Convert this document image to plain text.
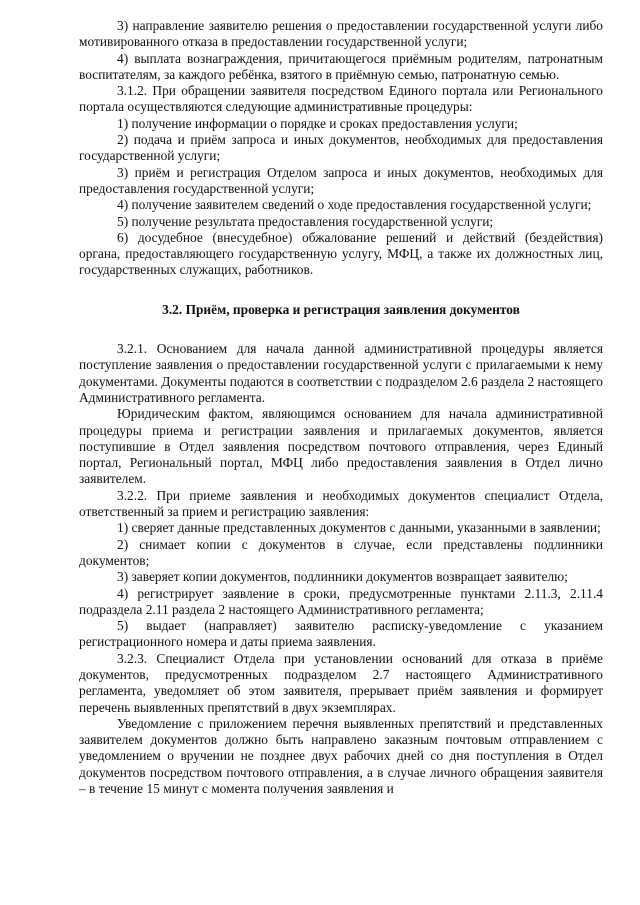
3) направление заявителю решения о предоставлении государственной услуги либо мотивированного отказа в предоставлении государственной услуги;

4) выплата вознаграждения, причитающегося приёмным родителям, патронатным воспитателям, за каждого ребёнка, взятого в приёмную семью, патронатную семью.

3.1.2. При обращении заявителя посредством Единого портала или Регионального портала осуществляются следующие административные процедуры:

1) получение информации о порядке и сроках предоставления услуги;

2) подача и приём запроса и иных документов, необходимых для предоставления государственной услуги;

3) приём и регистрация Отделом запроса и иных документов, необходимых для предоставления государственной услуги;

4) получение заявителем сведений о ходе предоставления государственной услуги;

5) получение результата предоставления государственной услуги;

6) досудебное (внесудебное) обжалование решений и действий (бездействия) органа, предоставляющего государственную услугу, МФЦ, а также их должностных лиц, государственных служащих, работников.

3.2. Приём, проверка и регистрация заявления документов

3.2.1. Основанием для начала данной административной процедуры является поступление заявления о предоставлении государственной услуги с прилагаемыми к нему документами. Документы подаются в соответствии с подразделом 2.6 раздела 2 настоящего Административного регламента.

Юридическим фактом, являющимся основанием для начала административной процедуры приема и регистрации заявления и прилагаемых документов, является поступившие в Отдел заявления посредством почтового отправления, через Единый портал, Региональный портал, МФЦ либо предоставления заявления в Отдел лично заявителем.

3.2.2. При приеме заявления и необходимых документов специалист Отдела, ответственный за прием и регистрацию заявления:

1) сверяет данные представленных документов с данными, указанными в заявлении;

2) снимает копии с документов в случае, если представлены подлинники документов;

3) заверяет копии документов, подлинники документов возвращает заявителю;

4) регистрирует заявление в сроки, предусмотренные пунктами 2.11.3, 2.11.4 подраздела 2.11 раздела 2 настоящего Административного регламента;

5) выдает (направляет) заявителю расписку-уведомление с указанием регистрационного номера и даты приема заявления.

3.2.3. Специалист Отдела при установлении оснований для отказа в приёме документов, предусмотренных подразделом 2.7 настоящего Административного регламента, уведомляет об этом заявителя, прерывает приём заявления и формирует перечень выявленных препятствий в двух экземплярах.

Уведомление с приложением перечня выявленных препятствий и представленных заявителем документов должно быть направлено заказным почтовым отправлением с уведомлением о вручении не позднее двух рабочих дней со дня поступления в Отдел документов посредством почтового отправления, а в случае личного обращения заявителя – в течение 15 минут с момента получения заявления и
